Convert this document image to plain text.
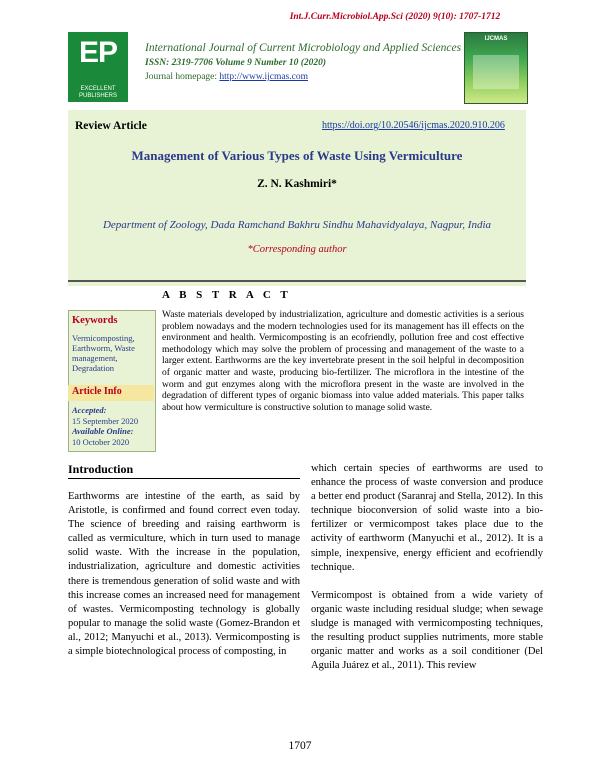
Int.J.Curr.Microbiol.App.Sci (2020) 9(10): 1707-1712
EP
EXCELLENT PUBLISHERS
IJCMAS
International Journal of Current Microbiology and Applied Sciences
ISSN: 2319-7706 Volume 9 Number 10 (2020)
Journal homepage: http://www.ijcmas.com
Review Article	https://doi.org/10.20546/ijcmas.2020.910.206
Management of Various Types of Waste Using Vermiculture
Z. N. Kashmiri*
Department of Zoology, Dada Ramchand Bakhru Sindhu Mahavidyalaya, Nagpur, India
*Corresponding author
A B S T R A C T
Keywords
Vermicomposting, Earthworm, Waste management, Degradation
Article Info
Accepted:
15 September 2020
Available Online:
10 October 2020

Waste materials developed by industrialization, agriculture and domestic activities is a serious problem nowadays and the modern technologies used for its management has ill effects on the environment and health. Vermicomposting is an ecofriendly, pollution free and cost effective methodology which may solve the problem of processing and management of the waste to a larger extent. Earthworms are the key invertebrate present in the soil helpful in decomposition of organic matter and waste, producing bio-fertilizer. The microflora in the intestine of the worm and gut enzymes along with the microflora present in the waste are involved in the degradation of different types of organic biomass into value added materials. This paper talks about how vermiculture is constructive solution to manage solid waste.

Introduction

Earthworms are intestine of the earth, as said by Aristotle, is confirmed and found correct even today. The science of breeding and raising earthworm is called as vermiculture, which in turn used to manage solid waste. With the increase in the population, industrialization, agriculture and domestic activities there is tremendous generation of solid waste and with this increase comes an increased need for management of wastes. Vermicomposting technology is globally popular to manage the solid waste (Gomez-Brandon et al., 2012; Manyuchi et al., 2013). Vermicomposting is a simple biotechnological process of composting, in

which certain species of earthworms are used to enhance the process of waste conversion and produce a better end product (Saranraj and Stella, 2012). In this technique bioconversion of solid waste into a bio-fertilizer or vermicompost takes place due to the activity of earthworm (Manyuchi et al., 2012). It is a simple, inexpensive, energy efficient and ecofriendly technique.

Vermicompost is obtained from a wide variety of organic waste including residual sludge; when sewage sludge is managed with vermicomposting techniques, the resulting product supplies nutriments, more stable organic matter and works as a soil conditioner (Del Aguila Juárez et al., 2011). This review

1707
